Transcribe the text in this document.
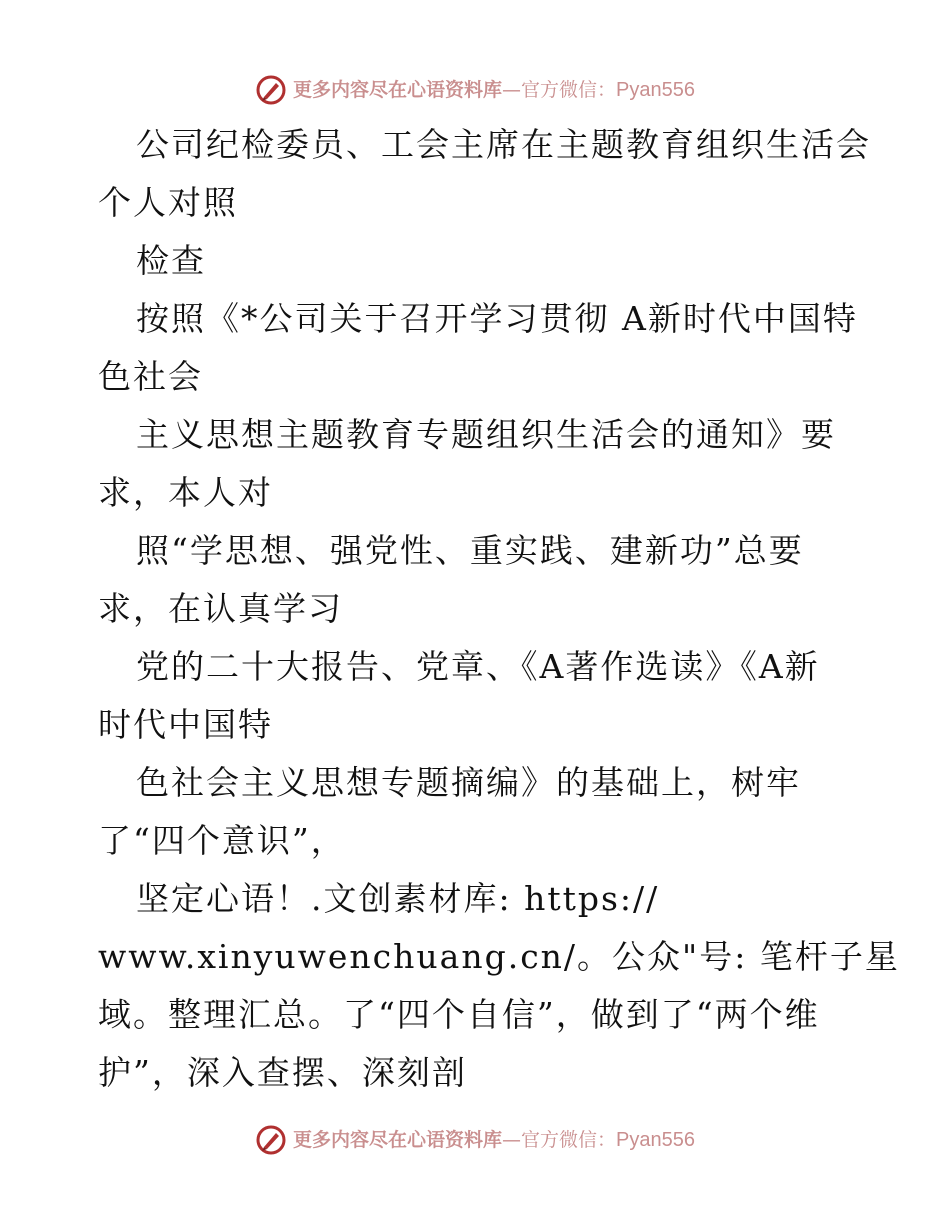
更多内容尽在心语资料库 — 官方微信： Pyan556
公司纪检委员、工会主席在主题教育组织生活会
个人对照
检查
按照《*公司关于召开学习贯彻 A新时代中国特
色社会
主义思想主题教育专题组织生活会的通知》要
求，本人对
照“学思想、强党性、重实践、建新功”总要
求，在认真学习
党的二十大报告、党章、《A著作选读》《A新
时代中国特
色社会主义思想专题摘编》的基础上，树牢
了“四个意识”，
坚定心语！.文创素材库: https://
www.xinyuwenchuang.cn/。公众"号: 笔杆子星
域。整理汇总。了“四个自信”，做到了“两个维
护”，深入查摆、深刻剖
更多内容尽在心语资料库 — 官方微信： Pyan556
